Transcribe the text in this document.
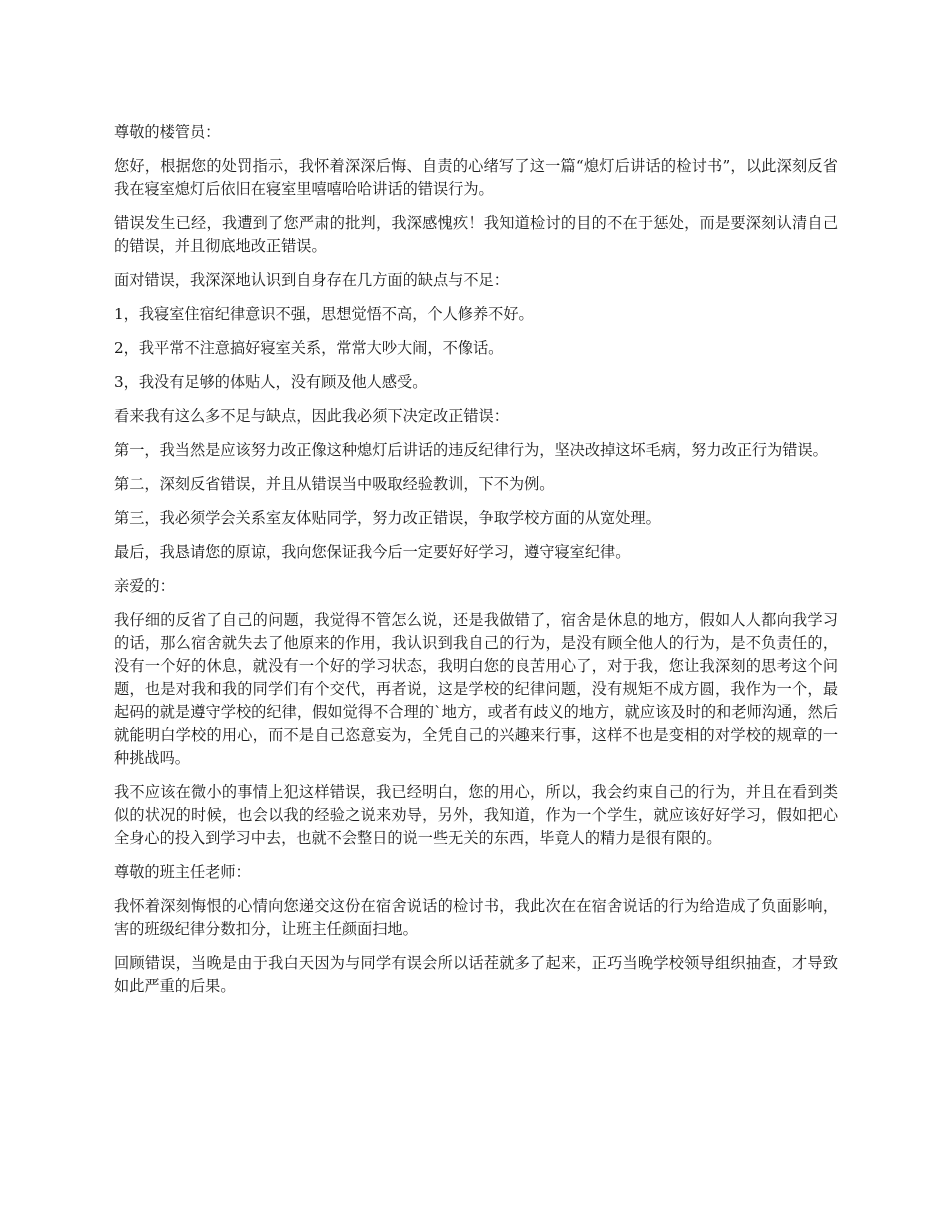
尊敬的楼管员：

您好，根据您的处罚指示，我怀着深深后悔、自责的心绪写了这一篇“熄灯后讲话的检讨书”，以此深刻反省我在寝室熄灯后依旧在寝室里嘻嘻哈哈讲话的错误行为。

错误发生已经，我遭到了您严肃的批判，我深感愧疚！我知道检讨的目的不在于惩处，而是要深刻认清自己的错误，并且彻底地改正错误。

面对错误，我深深地认识到自身存在几方面的缺点与不足：

1，我寝室住宿纪律意识不强，思想觉悟不高，个人修养不好。

2，我平常不注意搞好寝室关系，常常大吵大闹，不像话。

3，我没有足够的体贴人，没有顾及他人感受。

看来我有这么多不足与缺点，因此我必须下决定改正错误：

第一，我当然是应该努力改正像这种熄灯后讲话的违反纪律行为，坚决改掉这坏毛病，努力改正行为错误。

第二，深刻反省错误，并且从错误当中吸取经验教训，下不为例。

第三，我必须学会关系室友体贴同学，努力改正错误，争取学校方面的从宽处理。

最后，我恳请您的原谅，我向您保证我今后一定要好好学习，遵守寝室纪律。

亲爱的：

我仔细的反省了自己的问题，我觉得不管怎么说，还是我做错了，宿舍是休息的地方，假如人人都向我学习的话，那么宿舍就失去了他原来的作用，我认识到我自己的行为，是没有顾全他人的行为，是不负责任的，没有一个好的休息，就没有一个好的学习状态，我明白您的良苦用心了，对于我，您让我深刻的思考这个问题，也是对我和我的同学们有个交代，再者说，这是学校的纪律问题，没有规矩不成方圆，我作为一个，最起码的就是遵守学校的纪律，假如觉得不合理的`地方，或者有歧义的地方，就应该及时的和老师沟通，然后就能明白学校的用心，而不是自己恣意妄为，全凭自己的兴趣来行事，这样不也是变相的对学校的规章的一种挑战吗。

我不应该在微小的事情上犯这样错误，我已经明白，您的用心，所以，我会约束自己的行为，并且在看到类似的状况的时候，也会以我的经验之说来劝导，另外，我知道，作为一个学生，就应该好好学习，假如把心全身心的投入到学习中去，也就不会整日的说一些无关的东西，毕竟人的精力是很有限的。

尊敬的班主任老师：

我怀着深刻悔恨的心情向您递交这份在宿舍说话的检讨书，我此次在在宿舍说话的行为给造成了负面影响，害的班级纪律分数扣分，让班主任颜面扫地。

回顾错误，当晚是由于我白天因为与同学有误会所以话茬就多了起来，正巧当晚学校领导组织抽查，才导致如此严重的后果。
